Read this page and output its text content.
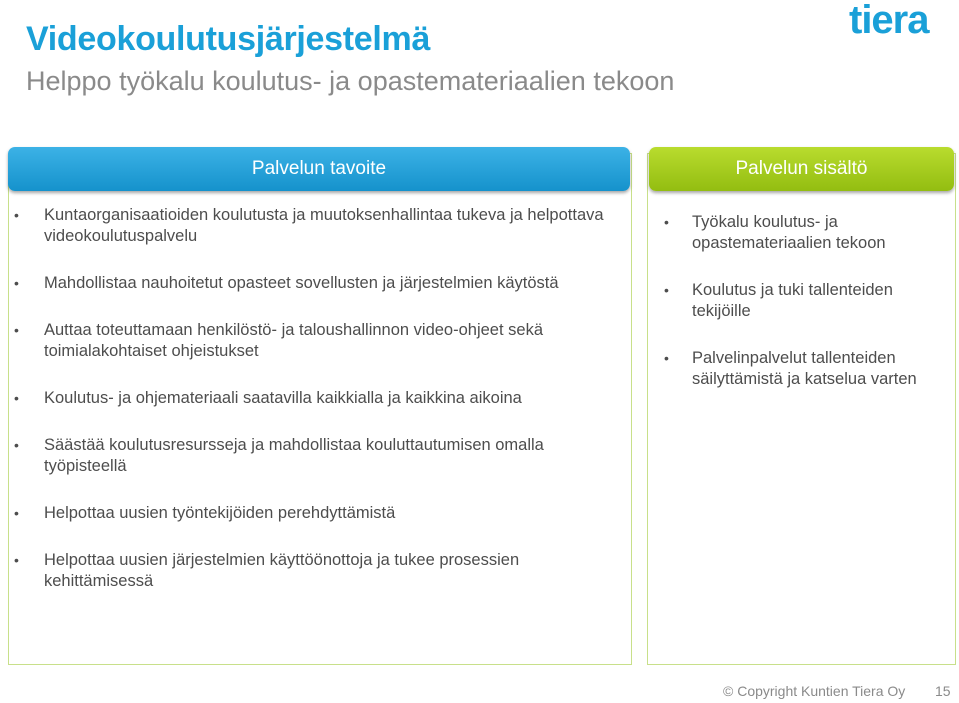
Videokoulutusjärjestelmä
Helppo työkalu koulutus- ja opastemateriaalien tekoon
tiera
Palvelun tavoite	Palvelun sisältö
• Kuntaorganisaatioiden koulutusta ja muutoksenhallintaa tukeva ja helpottava videokoulutuspalvelu
• Mahdollistaa nauhoitetut opasteet sovellusten ja järjestelmien käytöstä
• Auttaa toteuttamaan henkilöstö- ja taloushallinnon video-ohjeet sekä toimialakohtaiset ohjeistukset
• Koulutus- ja ohjemateriaali saatavilla kaikkialla ja kaikkina aikoina
• Säästää koulutusresursseja ja mahdollistaa kouluttautumisen omalla työpisteellä
• Helpottaa uusien työntekijöiden perehdyttämistä
• Helpottaa uusien järjestelmien käyttöönottoja ja tukee prosessien kehittämisessä
• Työkalu koulutus- ja opastemateriaalien tekoon
• Koulutus ja tuki tallenteiden tekijöille
• Palvelinpalvelut tallenteiden säilyttämistä ja katselua varten
© Copyright Kuntien Tiera Oy 15
